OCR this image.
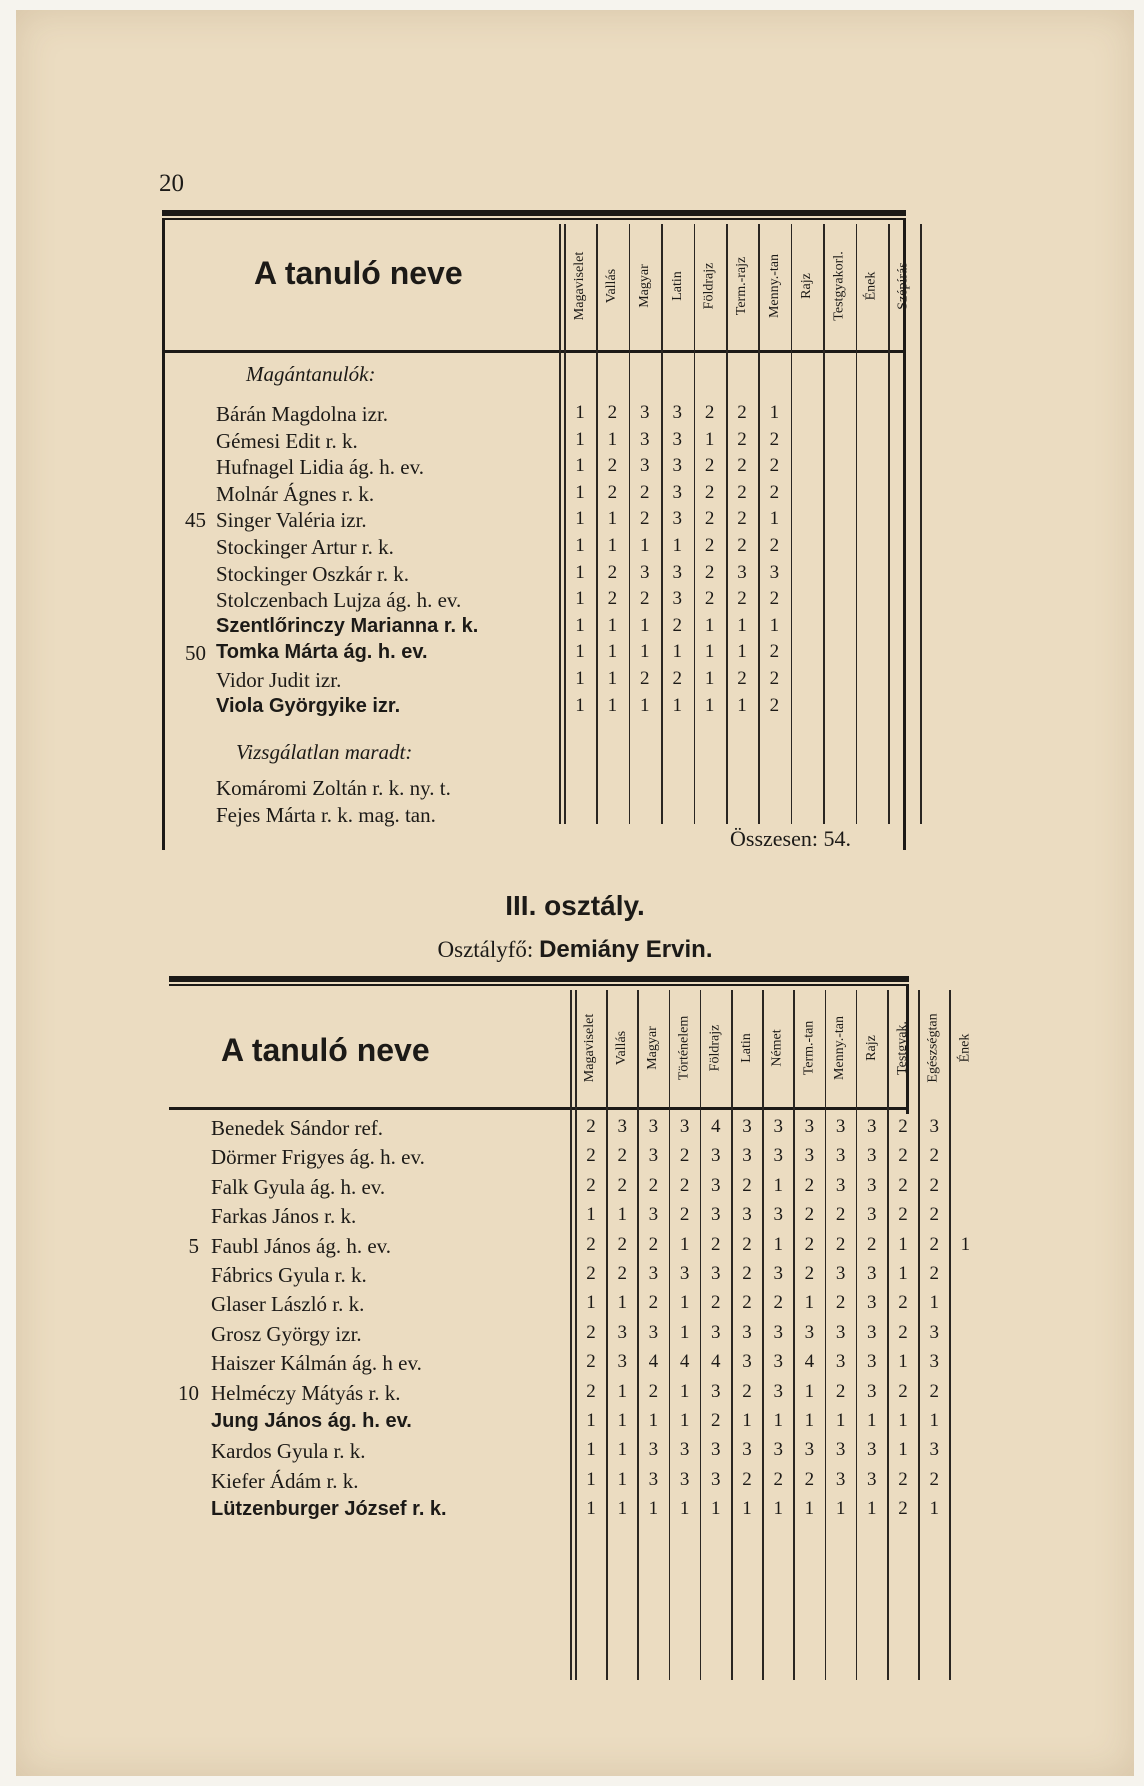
20
A tanuló neve	Magaviselet Vallás Magyar Latin Földrajz Term.-rajz Menny.-tan Rajz Testgyakorl. Ének Szépírás
Magántanulók:
Bárán Magdolna izr.	1	2	3	3	2	2	1
Gémesi Edit r. k.	1	1	3	3	1	2	2
Hufnagel Lidia ág. h. ev.	1	2	3	3	2	2	2
Molnár Ágnes r. k.	1	2	2	3	2	2	2
45 Singer Valéria izr.	1	1	2	3	2	2	1
Stockinger Artur r. k.	1	1	1	1	2	2	2
Stockinger Oszkár r. k.	1	2	3	3	2	3	3
Stolczenbach Lujza ág. h. ev.	1	2	2	3	2	2	2
Szentlőrinczy Marianna r. k.	1	1	1	2	1	1	1
50 Tomka Márta ág. h. ev.	1	1	1	1	1	1	2
Vidor Judit izr.	1	1	2	2	1	2	2
Viola Györgyike izr.	1	1	1	1	1	1	2
Vizsgálatlan maradt:
Komáromi Zoltán r. k. ny. t.
Fejes Márta r. k. mag. tan.
Összesen: 54.
III. osztály.
Osztályfő: Demiány Ervin.
A tanuló neve	Magaviselet Vallás Magyar Történelem Földrajz Latin Német Term.-tan Menny.-tan Rajz Testgyak. Egészségtan Ének
Benedek Sándor ref.	2	3	3	3	4	3	3	3	3	3	2	3
Dörmer Frigyes ág. h. ev.	2	2	3	2	3	3	3	3	3	3	2	2
Falk Gyula ág. h. ev.	2	2	2	2	3	2	1	2	3	3	2	2
Farkas János r. k.	1	1	3	2	3	3	3	2	2	3	2	2
5 Faubl János ág. h. ev.	2	2	2	1	2	2	1	2	2	2	1	2	1
Fábrics Gyula r. k.	2	2	3	3	3	2	3	2	3	3	1	2
Glaser László r. k.	1	1	2	1	2	2	2	1	2	3	2	1
Grosz György izr.	2	3	3	1	3	3	3	3	3	3	2	3
Haiszer Kálmán ág. h ev.	2	3	4	4	4	3	3	4	3	3	1	3
10 Helméczy Mátyás r. k.	2	1	2	1	3	2	3	1	2	3	2	2
Jung János ág. h. ev.	1	1	1	1	2	1	1	1	1	1	1	1
Kardos Gyula r. k.	1	1	3	3	3	3	3	3	3	3	1	3
Kiefer Ádám r. k.	1	1	3	3	3	2	2	2	3	3	2	2
Lützenburger József r. k.	1	1	1	1	1	1	1	1	1	1	2	1
